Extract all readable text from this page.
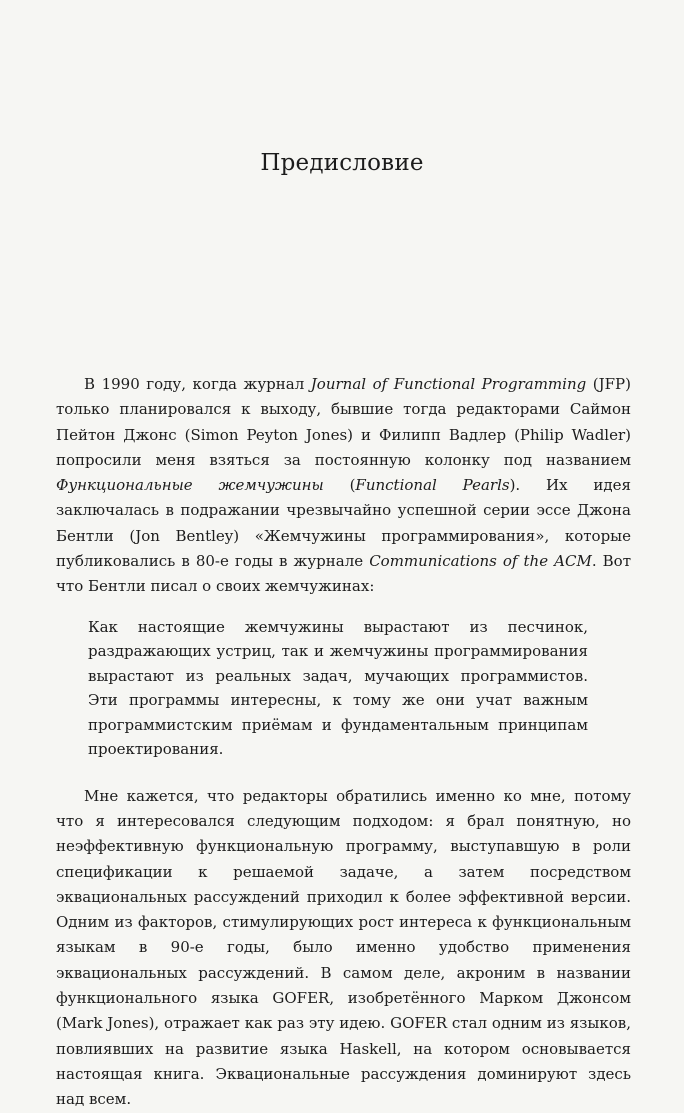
Предисловие

В 1990 году, когда журнал Journal of Functional Programming (JFP) только планировался к выходу, бывшие тогда редакторами Саймон Пейтон Джонс (Simon Peyton Jones) и Филипп Вадлер (Philip Wadler) попросили меня взяться за постоянную колонку под названием Функциональные жемчужины (Functional Pearls). Их идея заключалась в подражании чрезвычайно успешной серии эссе Джона Бентли (Jon Bentley) «Жемчужины программирования», которые публиковались в 80-е годы в журнале Communications of the ACM. Вот что Бентли писал о своих жемчужинах:

Как настоящие жемчужины вырастают из песчинок, раздражающих устриц, так и жемчужины программирования вырастают из реальных задач, мучающих программистов. Эти программы интересны, к тому же они учат важным программистским приёмам и фундаментальным принципам проектирования.

Мне кажется, что редакторы обратились именно ко мне, потому что я интересовался следующим подходом: я брал понятную, но неэффективную функциональную программу, выступавшую в роли спецификации к решаемой задаче, а затем посредством эквациональных рассуждений приходил к более эффективной версии. Одним из факторов, стимулирующих рост интереса к функциональным языкам в 90-е годы, было именно удобство применения эквациональных рассуждений. В самом деле, акроним в названии функционального языка GOFER, изобретённого Марком Джонсом (Mark Jones), отражает как раз эту идею. GOFER стал одним из языков, повлиявших на развитие языка Haskell, на котором основывается настоящая книга. Эквациональные рассуждения доминируют здесь над всем.
